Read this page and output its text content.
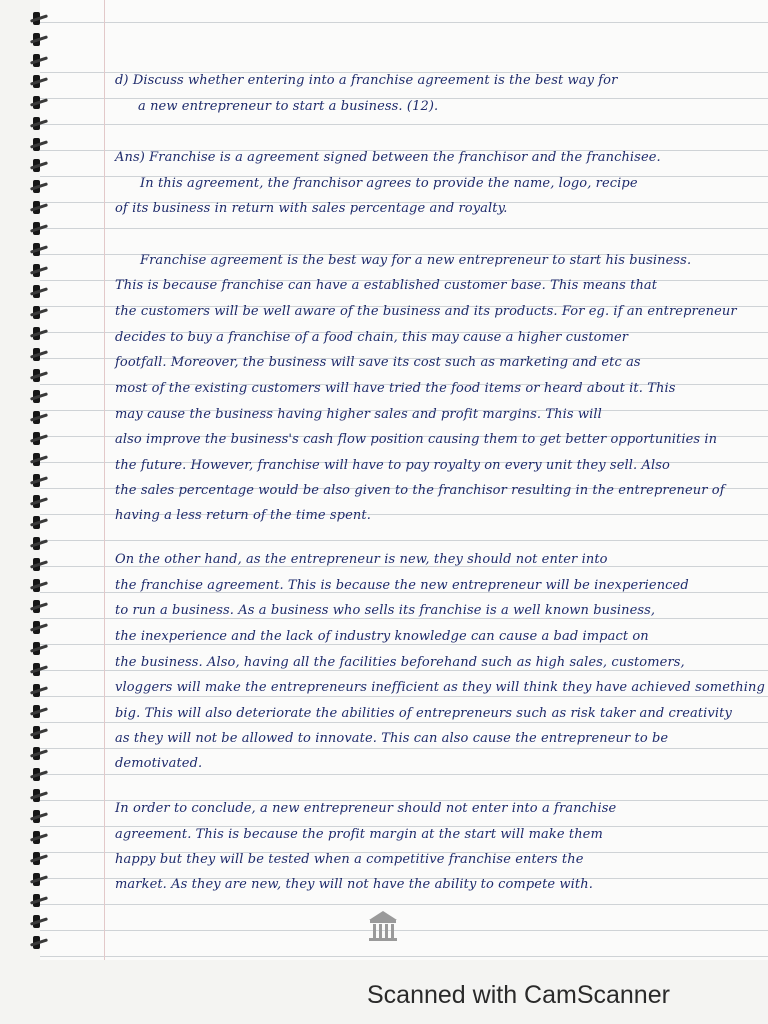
d) Discuss whether entering into a franchise agreement is the best way for

a new entrepreneur to start a business. (12).

Ans) Franchise is a agreement signed between the franchisor and the franchisee.

In this agreement, the franchisor agrees to provide the name, logo, recipe

of its business in return with sales percentage and royalty.

Franchise agreement is the best way for a new entrepreneur to start his business.

This is because franchise can have a established customer base. This means that

the customers will be well aware of the business and its products. For eg. if an entrepreneur

decides to buy a franchise of a food chain, this may cause a higher customer

footfall. Moreover, the business will save its cost such as marketing and etc as

most of the existing customers will have tried the food items or heard about it. This

may cause the business having higher sales and profit margins. This will

also improve the business's cash flow position causing them to get better opportunities in

the future. However, franchise will have to pay royalty on every unit they sell. Also

the sales percentage would be also given to the franchisor resulting in the entrepreneur of

having a less return of the time spent.

On the other hand, as the entrepreneur is new, they should not enter into

the franchise agreement. This is because the new entrepreneur will be inexperienced

to run a business. As a business who sells its franchise is a well known business,

the inexperience and the lack of industry knowledge can cause a bad impact on

the business. Also, having all the facilities beforehand such as high sales, customers,

vloggers will make the entrepreneurs inefficient as they will think they have achieved something

big. This will also deteriorate the abilities of entrepreneurs such as risk taker and creativity

as they will not be allowed to innovate. This can also cause the entrepreneur to be

demotivated.

In order to conclude, a new entrepreneur should not enter into a franchise

agreement. This is because the profit margin at the start will make them

happy but they will be tested when a competitive franchise enters the

market. As they are new, they will not have the ability to compete with.

Scanned with CamScanner
